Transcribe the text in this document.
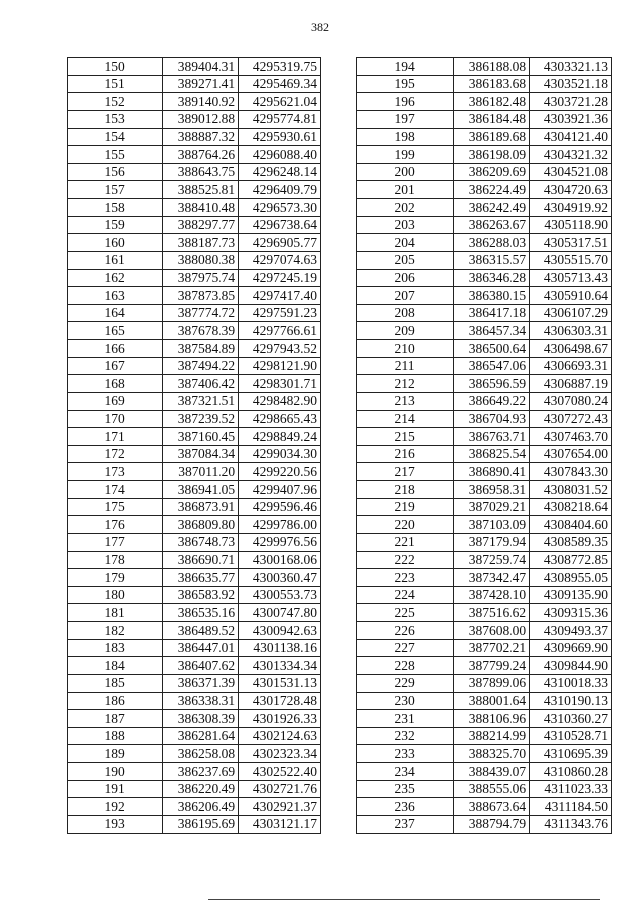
382
150	389404.31	4295319.75
151	389271.41	4295469.34
152	389140.92	4295621.04
153	389012.88	4295774.81
154	388887.32	4295930.61
155	388764.26	4296088.40
156	388643.75	4296248.14
157	388525.81	4296409.79
158	388410.48	4296573.30
159	388297.77	4296738.64
160	388187.73	4296905.77
161	388080.38	4297074.63
162	387975.74	4297245.19
163	387873.85	4297417.40
164	387774.72	4297591.23
165	387678.39	4297766.61
166	387584.89	4297943.52
167	387494.22	4298121.90
168	387406.42	4298301.71
169	387321.51	4298482.90
170	387239.52	4298665.43
171	387160.45	4298849.24
172	387084.34	4299034.30
173	387011.20	4299220.56
174	386941.05	4299407.96
175	386873.91	4299596.46
176	386809.80	4299786.00
177	386748.73	4299976.56
178	386690.71	4300168.06
179	386635.77	4300360.47
180	386583.92	4300553.73
181	386535.16	4300747.80
182	386489.52	4300942.63
183	386447.01	4301138.16
184	386407.62	4301334.34
185	386371.39	4301531.13
186	386338.31	4301728.48
187	386308.39	4301926.33
188	386281.64	4302124.63
189	386258.08	4302323.34
190	386237.69	4302522.40
191	386220.49	4302721.76
192	386206.49	4302921.37
193	386195.69	4303121.17
194	386188.08	4303321.13
195	386183.68	4303521.18
196	386182.48	4303721.28
197	386184.48	4303921.36
198	386189.68	4304121.40
199	386198.09	4304321.32
200	386209.69	4304521.08
201	386224.49	4304720.63
202	386242.49	4304919.92
203	386263.67	4305118.90
204	386288.03	4305317.51
205	386315.57	4305515.70
206	386346.28	4305713.43
207	386380.15	4305910.64
208	386417.18	4306107.29
209	386457.34	4306303.31
210	386500.64	4306498.67
211	386547.06	4306693.31
212	386596.59	4306887.19
213	386649.22	4307080.24
214	386704.93	4307272.43
215	386763.71	4307463.70
216	386825.54	4307654.00
217	386890.41	4307843.30
218	386958.31	4308031.52
219	387029.21	4308218.64
220	387103.09	4308404.60
221	387179.94	4308589.35
222	387259.74	4308772.85
223	387342.47	4308955.05
224	387428.10	4309135.90
225	387516.62	4309315.36
226	387608.00	4309493.37
227	387702.21	4309669.90
228	387799.24	4309844.90
229	387899.06	4310018.33
230	388001.64	4310190.13
231	388106.96	4310360.27
232	388214.99	4310528.71
233	388325.70	4310695.39
234	388439.07	4310860.28
235	388555.06	4311023.33
236	388673.64	4311184.50
237	388794.79	4311343.76
